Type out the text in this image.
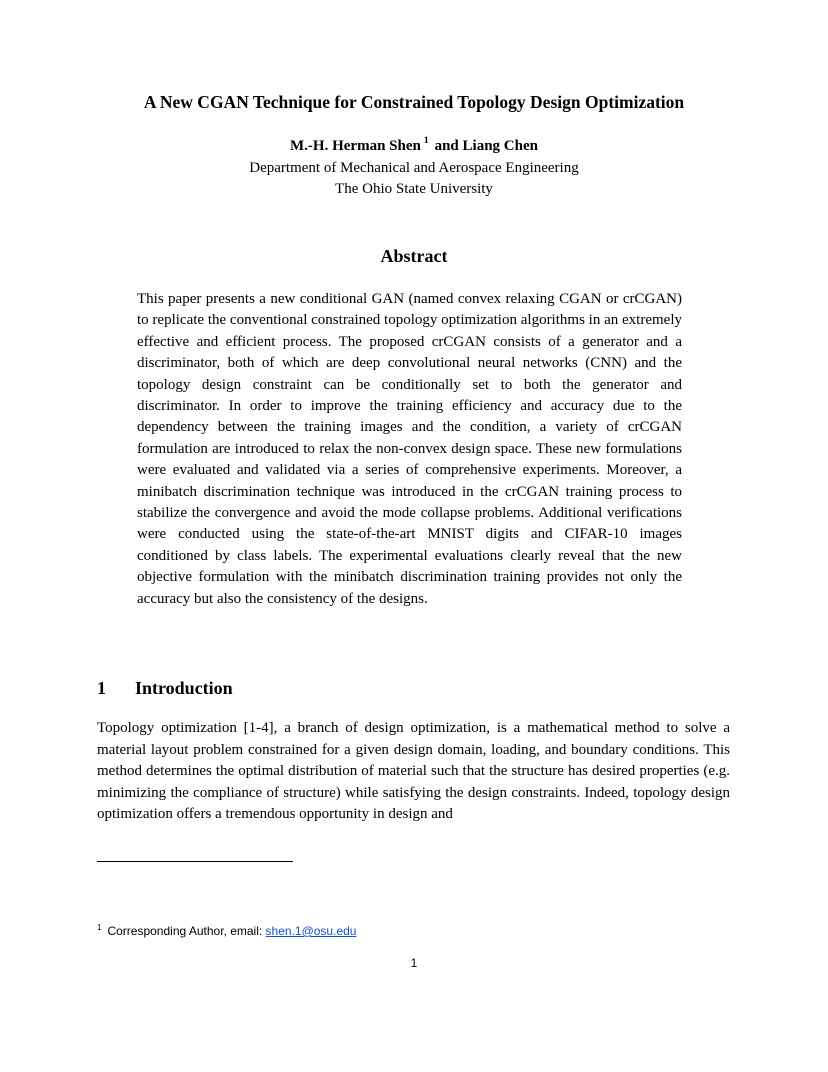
A New CGAN Technique for Constrained Topology Design Optimization
M.-H. Herman Shen $^1$ and Liang Chen
Department of Mechanical and Aerospace Engineering
The Ohio State University
Abstract

This paper presents a new conditional GAN (named convex relaxing CGAN or crCGAN) to replicate the conventional constrained topology optimization algorithms in an extremely effective and efficient process. The proposed crCGAN consists of a generator and a discriminator, both of which are deep convolutional neural networks (CNN) and the topology design constraint can be conditionally set to both the generator and discriminator. In order to improve the training efficiency and accuracy due to the dependency between the training images and the condition, a variety of crCGAN formulation are introduced to relax the non-convex design space. These new formulations were evaluated and validated via a series of comprehensive experiments. Moreover, a minibatch discrimination technique was introduced in the crCGAN training process to stabilize the convergence and avoid the mode collapse problems. Additional verifications were conducted using the state-of-the-art MNIST digits and CIFAR-10 images conditioned by class labels. The experimental evaluations clearly reveal that the new objective formulation with the minibatch discrimination training provides not only the accuracy but also the consistency of the designs.

1 Introduction

Topology optimization [1-4], a branch of design optimization, is a mathematical method to solve a material layout problem constrained for a given design domain, loading, and boundary conditions. This method determines the optimal distribution of material such that the structure has desired properties (e.g. minimizing the compliance of structure) while satisfying the design constraints. Indeed, topology design optimization offers a tremendous opportunity in design and

$^1$ Corresponding Author, email: shen.1@osu.edu
1
